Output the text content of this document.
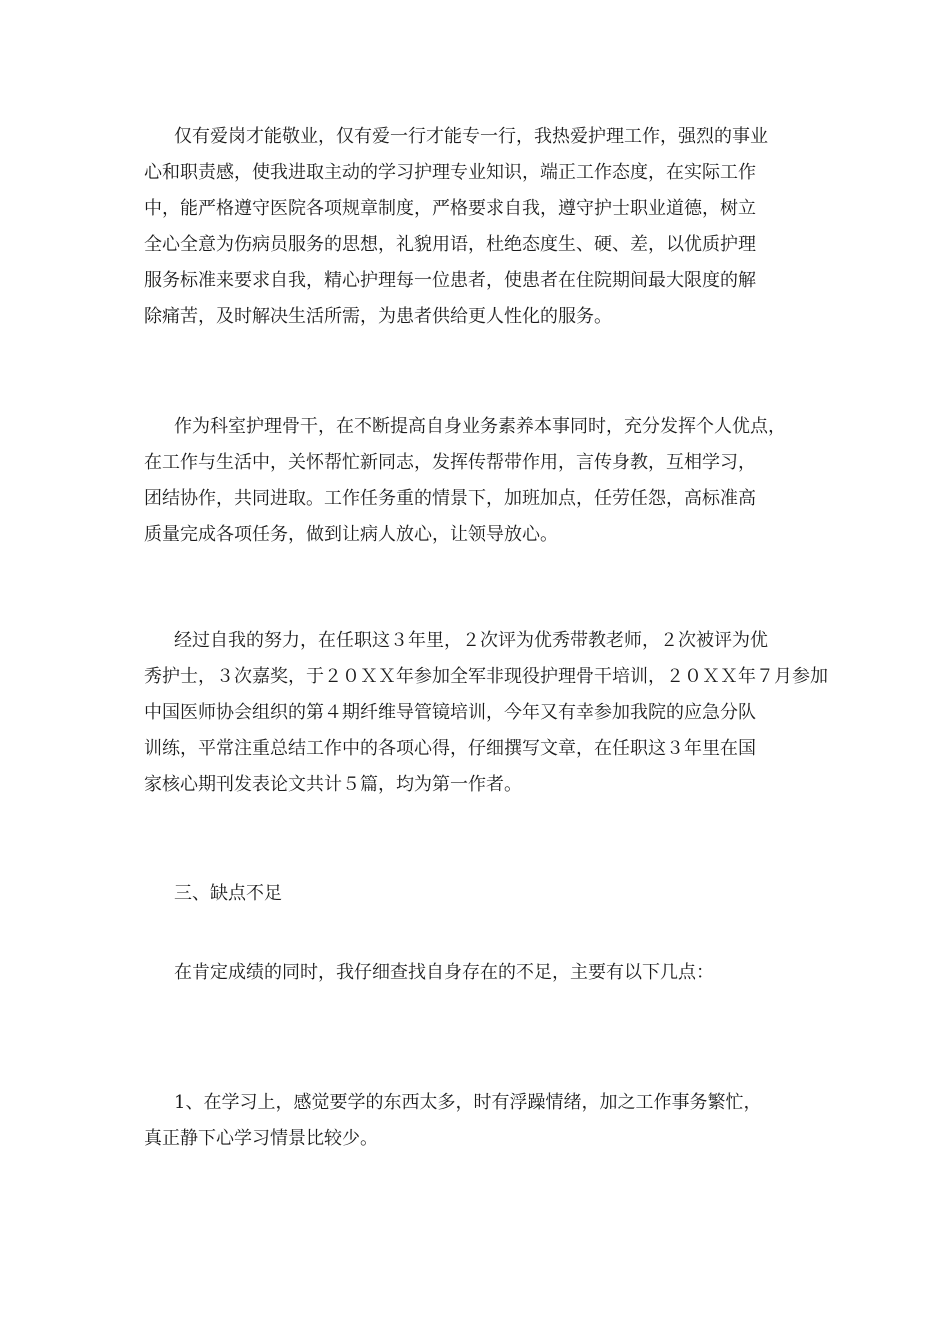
仅有爱岗才能敬业，仅有爱一行才能专一行，我热爱护理工作，强烈的事业
心和职责感，使我进取主动的学习护理专业知识，端正工作态度，在实际工作
中，能严格遵守医院各项规章制度，严格要求自我，遵守护士职业道德，树立
全心全意为伤病员服务的思想，礼貌用语，杜绝态度生、硬、差，以优质护理
服务标准来要求自我，精心护理每一位患者，使患者在住院期间最大限度的解
除痛苦，及时解决生活所需，为患者供给更人性化的服务。

作为科室护理骨干，在不断提高自身业务素养本事同时，充分发挥个人优点，
在工作与生活中，关怀帮忙新同志，发挥传帮带作用，言传身教，互相学习，
团结协作，共同进取。工作任务重的情景下，加班加点，任劳任怨，高标准高
质量完成各项任务，做到让病人放心，让领导放心。

经过自我的努力，在任职这３年里，２次评为优秀带教老师，２次被评为优
秀护士，３次嘉奖，于２０ＸＸ年参加全军非现役护理骨干培训，２０ＸＸ年７月参加
中国医师协会组织的第４期纤维导管镜培训，今年又有幸参加我院的应急分队
训练，平常注重总结工作中的各项心得，仔细撰写文章，在任职这３年里在国
家核心期刊发表论文共计５篇，均为第一作者。

三、缺点不足

在肯定成绩的同时，我仔细查找自身存在的不足，主要有以下几点：

1、在学习上，感觉要学的东西太多，时有浮躁情绪，加之工作事务繁忙，
真正静下心学习情景比较少。
